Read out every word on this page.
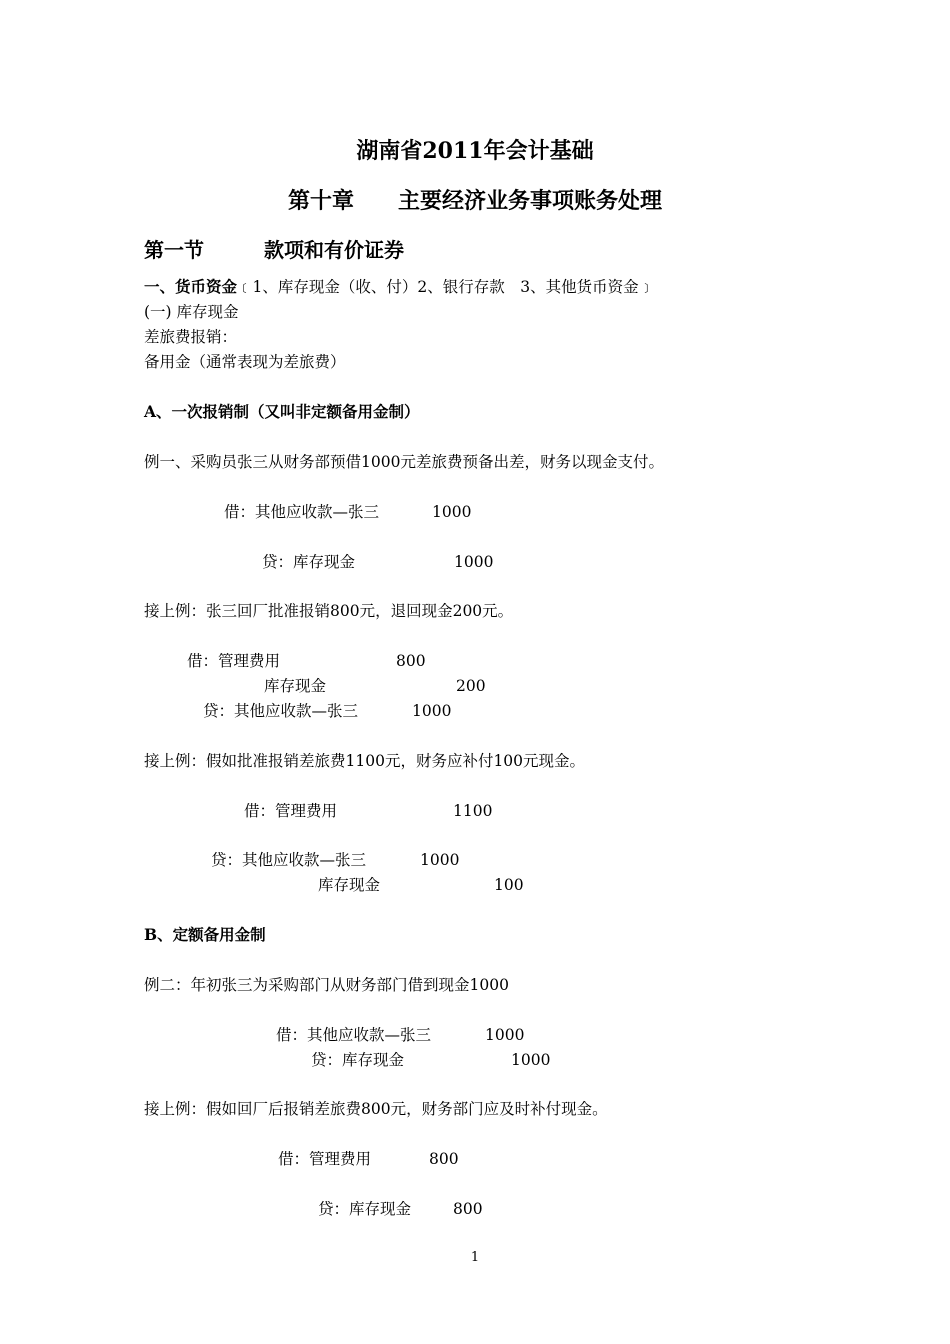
湖南省2011年会计基础
第十章　　主要经济业务事项账务处理
第一节　　　款项和有价证券
一、货币资金﹝1、库存现金（收、付）2、银行存款　3、其他货币资金﹞
(一) 库存现金
差旅费报销：
备用金（通常表现为差旅费）
A、一次报销制（又叫非定额备用金制）
例一、采购员张三从财务部预借1000元差旅费预备出差，财务以现金支付。
借：其他应收款—张三	1000
贷：库存现金	1000
接上例：张三回厂批准报销800元，退回现金200元。
借：管理费用	800
库存现金	200
贷：其他应收款—张三	1000
接上例：假如批准报销差旅费1100元，财务应补付100元现金。
借：管理费用	1100
贷：其他应收款—张三	1000
库存现金	100
B、定额备用金制
例二：年初张三为采购部门从财务部门借到现金1000
借：其他应收款—张三	1000
贷：库存现金	1000
接上例：假如回厂后报销差旅费800元，财务部门应及时补付现金。
借：管理费用	800
贷：库存现金	800
1
